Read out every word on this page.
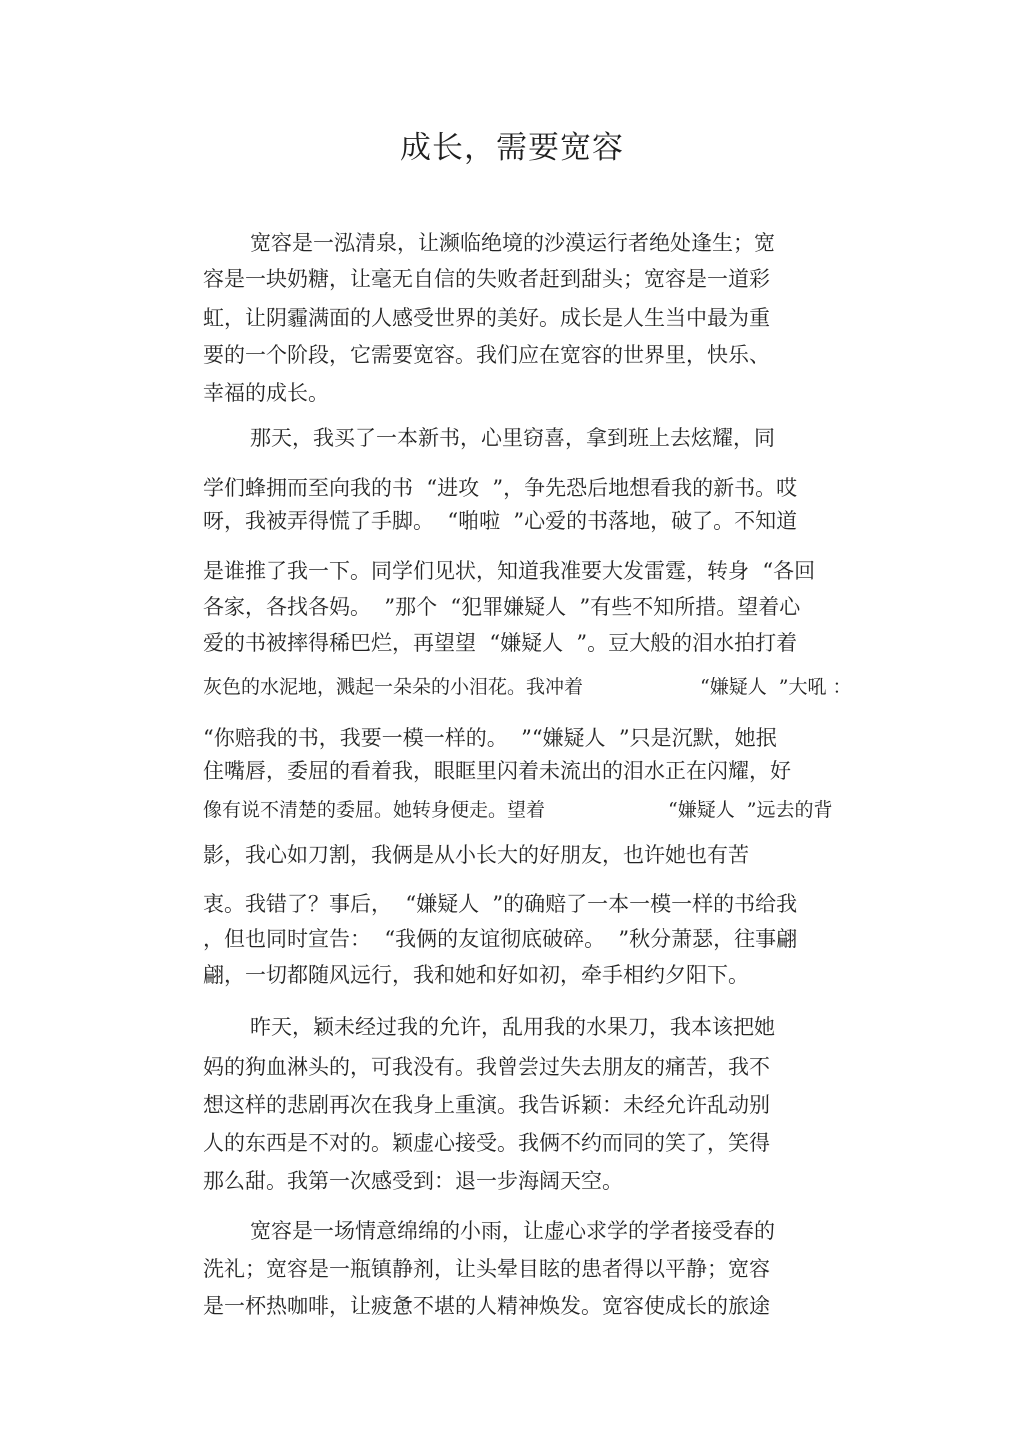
成长，需要宽容
宽容是一泓清泉，让濒临绝境的沙漠运行者绝处逢生；宽
容是一块奶糖，让毫无自信的失败者赶到甜头；宽容是一道彩
虹，让阴霾满面的人感受世界的美好。成长是人生当中最为重
要的一个阶段，它需要宽容。我们应在宽容的世界里，快乐、
幸福的成长。
那天，我买了一本新书，心里窃喜，拿到班上去炫耀，同
学们蜂拥而至向我的书  “进攻  ”，争先恐后地想看我的新书。哎
呀，我被弄得慌了手脚。  “啪啦  ”心爱的书落地，破了。不知道
是谁推了我一下。同学们见状，知道我准要大发雷霆，转身  “各回
各家，各找各妈。  ”那个  “犯罪嫌疑人  ”有些不知所措。望着心
爱的书被摔得稀巴烂，再望望  “嫌疑人  ”。豆大般的泪水拍打着
灰色的水泥地，溅起一朵朵的小泪花。我冲着	“嫌疑人  ”大吼 ：
“你赔我的书，我要一模一样的。  ”“嫌疑人  ”只是沉默，她抿
住嘴唇，委屈的看着我，眼眶里闪着未流出的泪水正在闪耀，好
像有说不清楚的委屈。她转身便走。望着	“嫌疑人  ”远去的背
影，我心如刀割，我俩是从小长大的好朋友，也许她也有苦
衷。我错了？事后，  “嫌疑人  ”的确赔了一本一模一样的书给我
，但也同时宣告：  “我俩的友谊彻底破碎。  ”秋分萧瑟，往事翩
翩，一切都随风远行，我和她和好如初，牵手相约夕阳下。
昨天，颖未经过我的允许，乱用我的水果刀，我本该把她
妈的狗血淋头的，可我没有。我曾尝过失去朋友的痛苦，我不
想这样的悲剧再次在我身上重演。我告诉颖：未经允许乱动别
人的东西是不对的。颖虚心接受。我俩不约而同的笑了，笑得
那么甜。我第一次感受到：退一步海阔天空。
宽容是一场情意绵绵的小雨，让虚心求学的学者接受春的
洗礼；宽容是一瓶镇静剂，让头晕目眩的患者得以平静；宽容
是一杯热咖啡，让疲惫不堪的人精神焕发。宽容使成长的旅途
